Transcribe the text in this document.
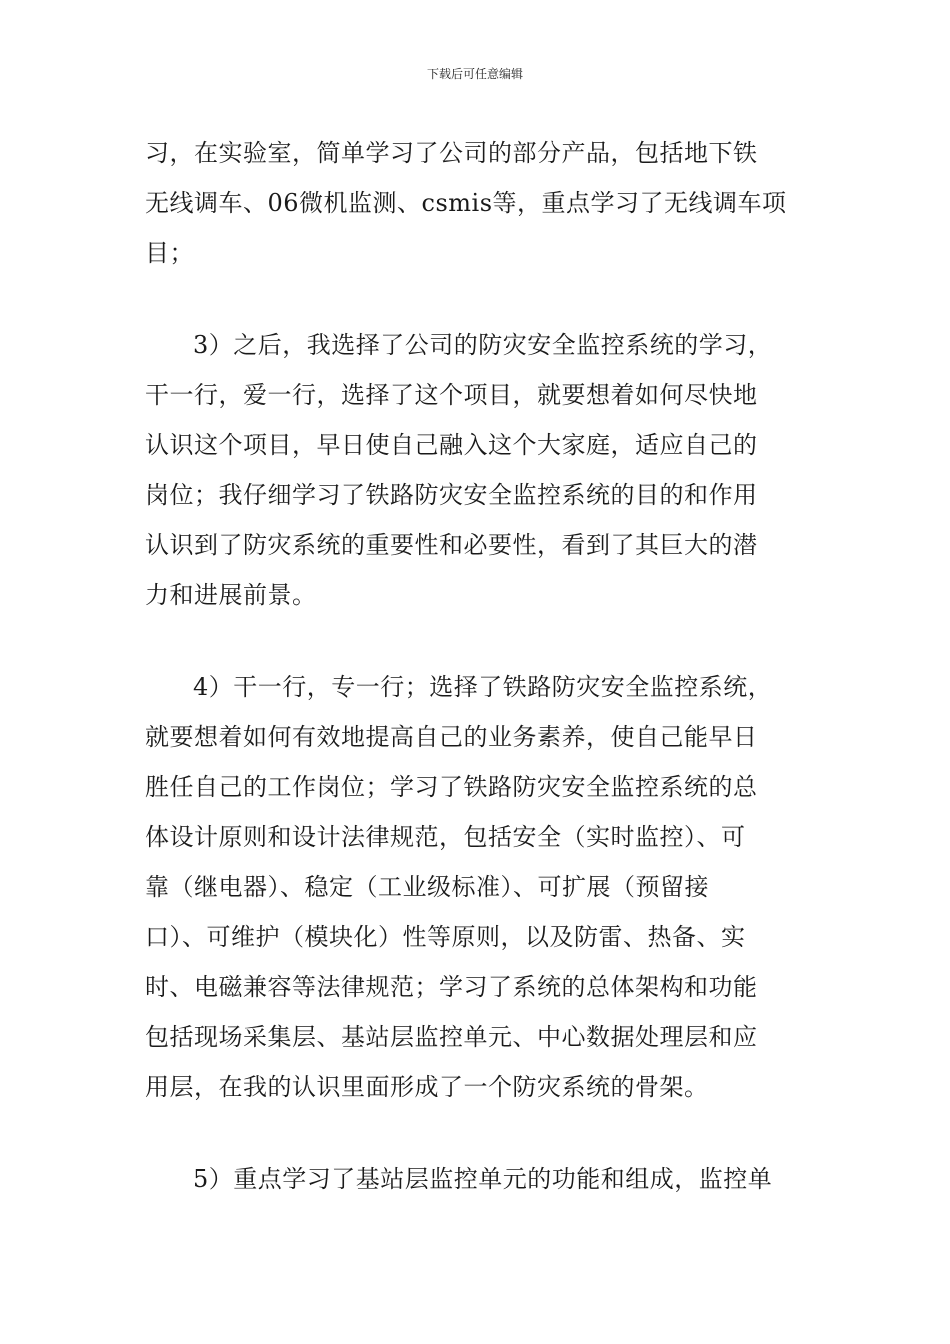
下载后可任意编辑

习，在实验室，简单学习了公司的部分产品，包括地下铁
无线调车、06微机监测、csmis等，重点学习了无线调车项
目；

3）之后，我选择了公司的防灾安全监控系统的学习，
干一行，爱一行，选择了这个项目，就要想着如何尽快地
认识这个项目，早日使自己融入这个大家庭，适应自己的
岗位；我仔细学习了铁路防灾安全监控系统的目的和作用
认识到了防灾系统的重要性和必要性，看到了其巨大的潜
力和进展前景。

4）干一行，专一行；选择了铁路防灾安全监控系统，
就要想着如何有效地提高自己的业务素养，使自己能早日
胜任自己的工作岗位；学习了铁路防灾安全监控系统的总
体设计原则和设计法律规范，包括安全（实时监控）、可
靠（继电器）、稳定（工业级标准）、可扩展（预留接
口）、可维护（模块化）性等原则，以及防雷、热备、实
时、电磁兼容等法律规范；学习了系统的总体架构和功能
包括现场采集层、基站层监控单元、中心数据处理层和应
用层，在我的认识里面形成了一个防灾系统的骨架。

5）重点学习了基站层监控单元的功能和组成，监控单
